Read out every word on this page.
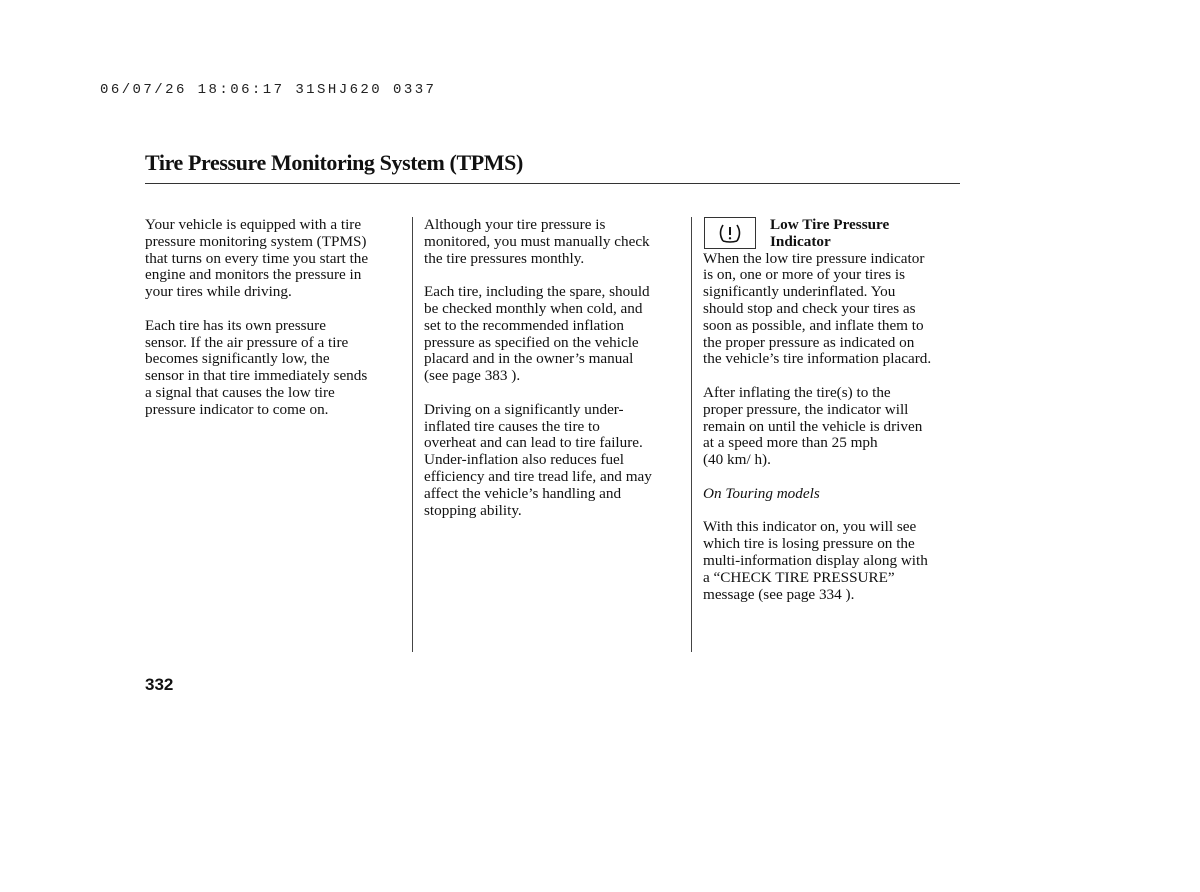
06/07/26 18:06:17 31SHJ620 0337
Tire Pressure Monitoring System (TPMS)

Your vehicle is equipped with a tire
pressure monitoring system (TPMS)
that turns on every time you start the
engine and monitors the pressure in
your tires while driving.

Each tire has its own pressure
sensor. If the air pressure of a tire
becomes significantly low, the
sensor in that tire immediately sends
a signal that causes the low tire
pressure indicator to come on.

Although your tire pressure is
monitored, you must manually check
the tire pressures monthly.

Each tire, including the spare, should
be checked monthly when cold, and
set to the recommended inflation
pressure as specified on the vehicle
placard and in the owner’s manual
(see page 383 ).

Driving on a significantly under-
inflated tire causes the tire to
overheat and can lead to tire failure.
Under-inflation also reduces fuel
efficiency and tire tread life, and may
affect the vehicle’s handling and
stopping ability.

Low Tire Pressure
Indicator

When the low tire pressure indicator
is on, one or more of your tires is
significantly underinflated. You
should stop and check your tires as
soon as possible, and inflate them to
the proper pressure as indicated on
the vehicle’s tire information placard.

After inflating the tire(s) to the
proper pressure, the indicator will
remain on until the vehicle is driven
at a speed more than 25 mph
(40 km/ h).

On Touring models

With this indicator on, you will see
which tire is losing pressure on the
multi-information display along with
a “CHECK TIRE PRESSURE”
message (see page 334 ).

332
